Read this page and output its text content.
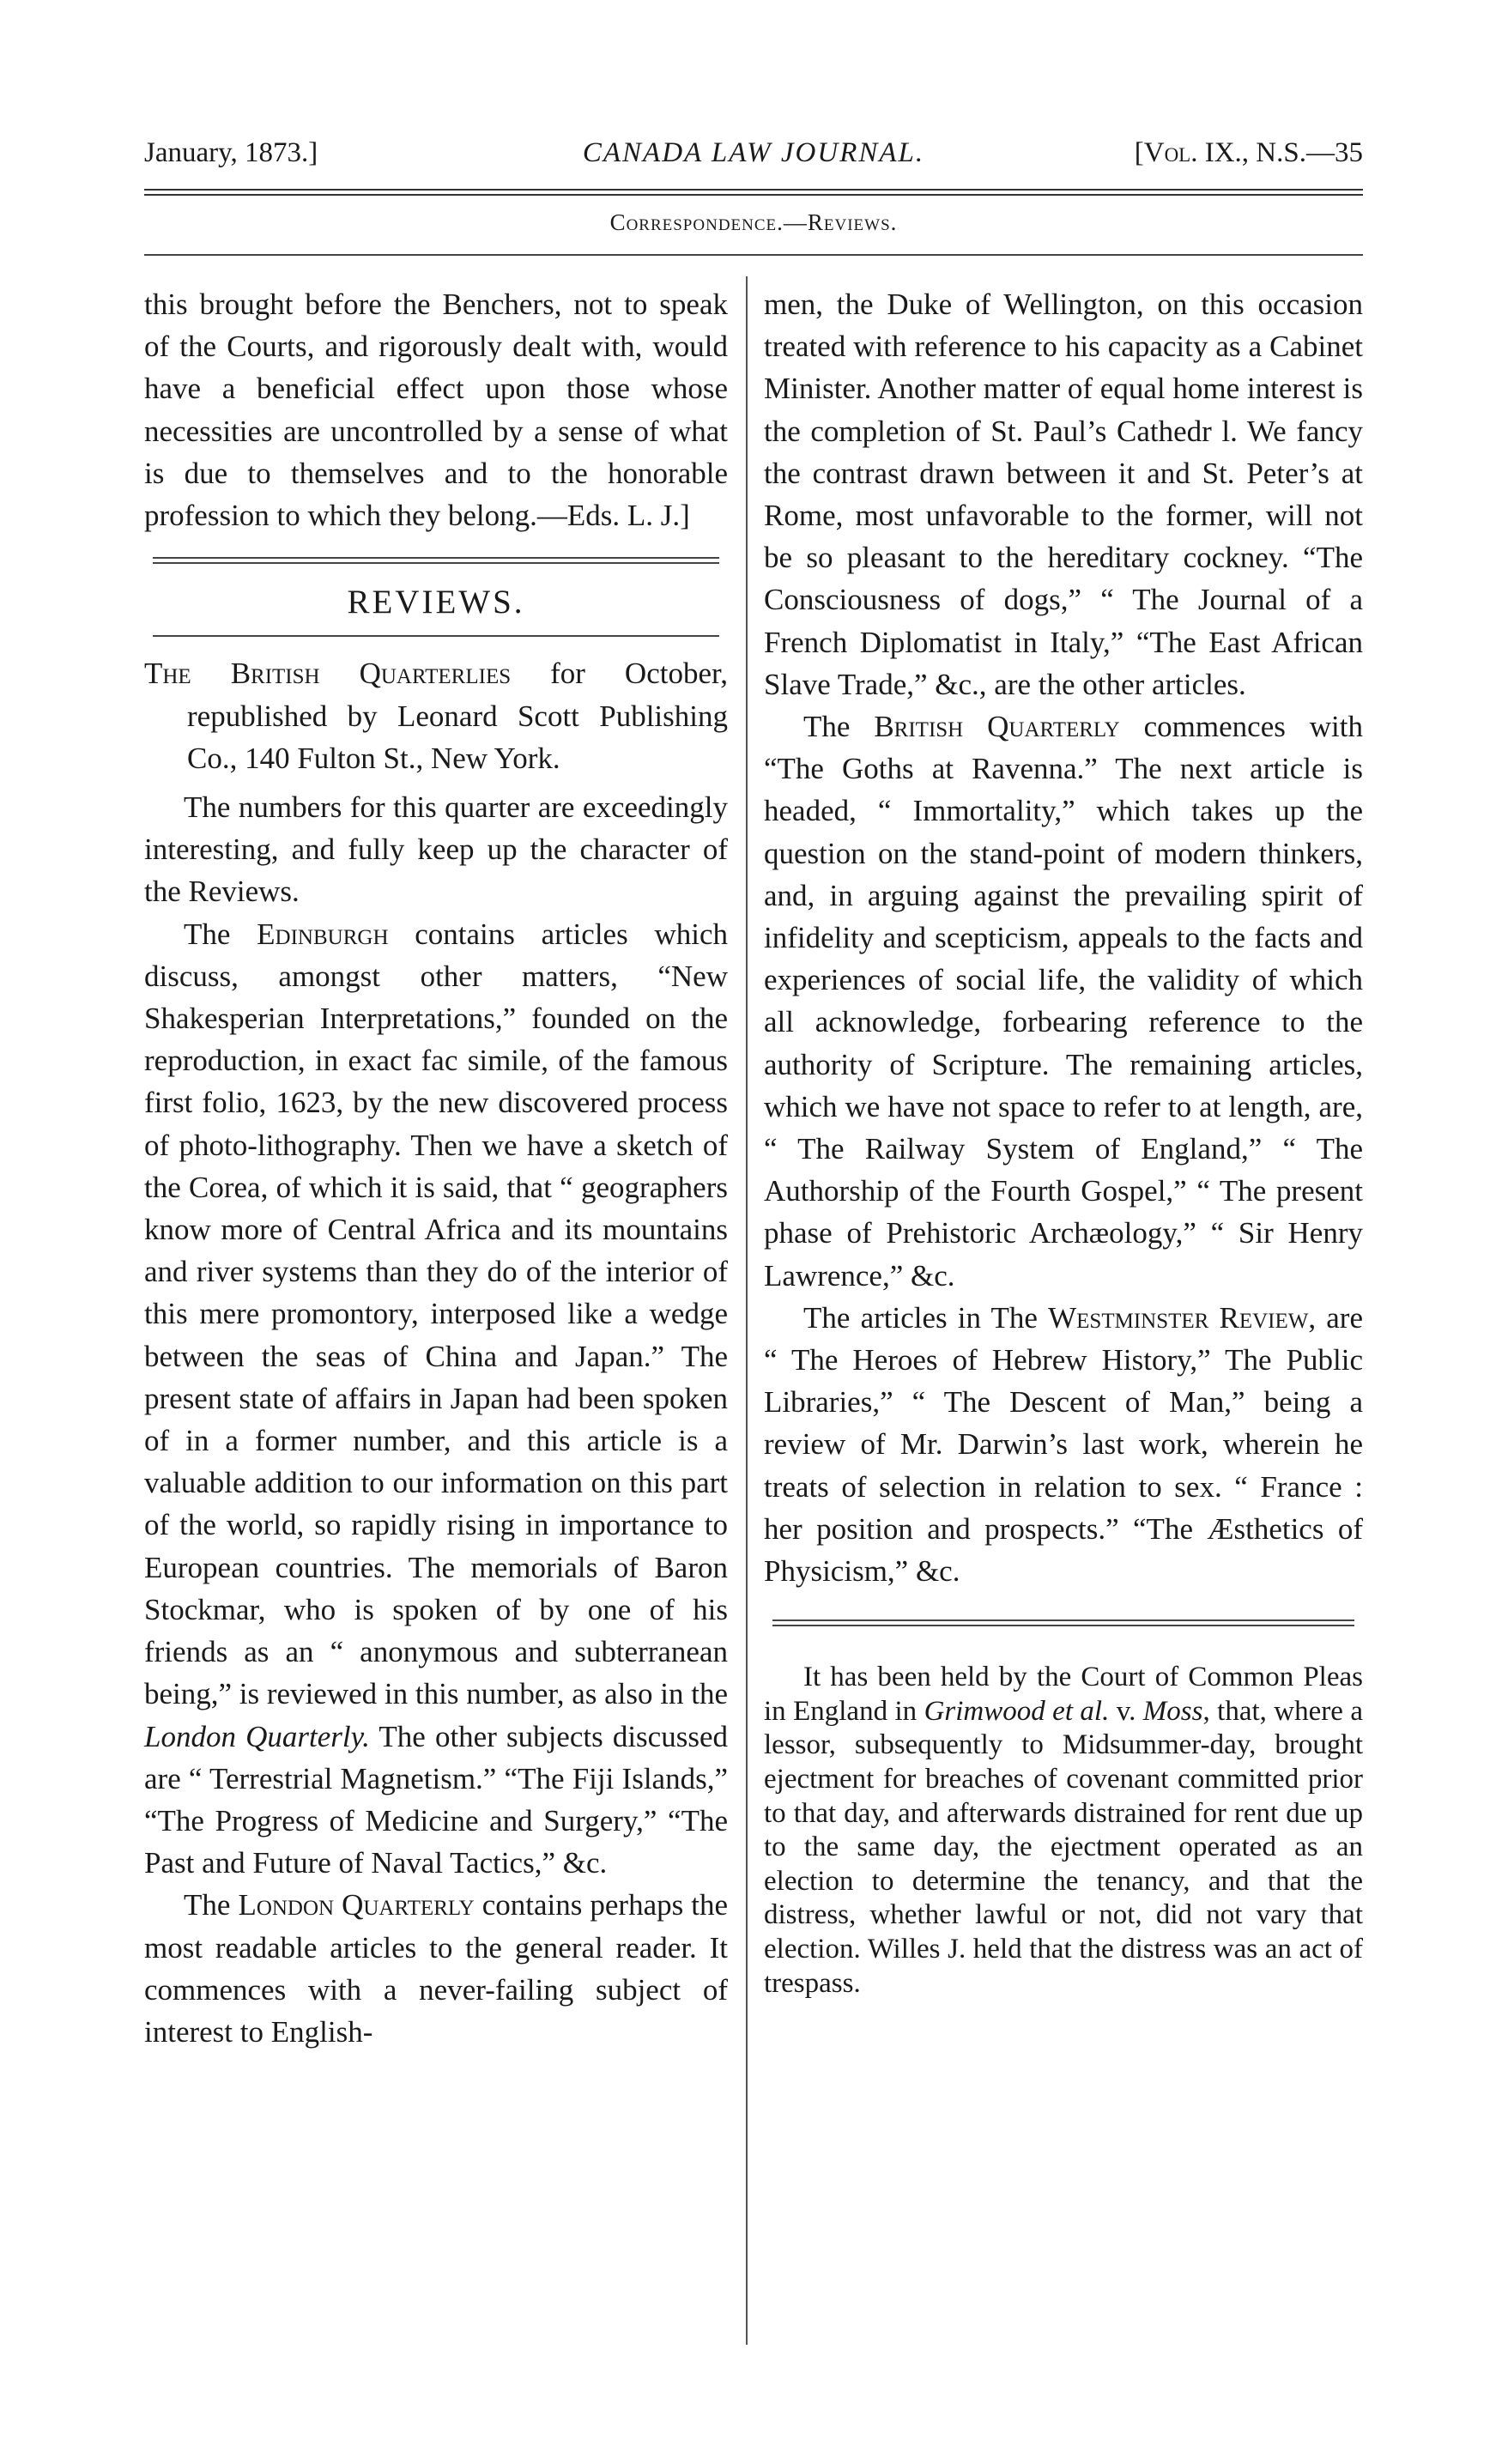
January, 1873.]	CANADA LAW JOURNAL.	[Vol. IX., N.S.—35
Correspondence.—Reviews.

this brought before the Benchers, not to speak of the Courts, and rigorously dealt with, would have a beneficial effect upon those whose necessities are uncontrolled by a sense of what is due to themselves and to the honorable profession to which they belong.—Eds. L. J.]

REVIEWS.

The British Quarterlies for October, republished by Leonard Scott Publishing Co., 140 Fulton St., New York.

The numbers for this quarter are exceedingly interesting, and fully keep up the character of the Reviews.

The Edinburgh contains articles which discuss, amongst other matters, “New Shakesperian Interpretations,” founded on the reproduction, in exact fac simile, of the famous first folio, 1623, by the new discovered process of photo-lithography. Then we have a sketch of the Corea, of which it is said, that “ geographers know more of Central Africa and its mountains and river systems than they do of the interior of this mere promontory, interposed like a wedge between the seas of China and Japan.” The present state of affairs in Japan had been spoken of in a former number, and this article is a valuable addition to our information on this part of the world, so rapidly rising in importance to European countries. The memorials of Baron Stockmar, who is spoken of by one of his friends as an “ anonymous and subterranean being,” is reviewed in this number, as also in the London Quarterly. The other subjects discussed are “ Terrestrial Magnetism.” “The Fiji Islands,” “The Progress of Medicine and Surgery,” “The Past and Future of Naval Tactics,” &c.

The London Quarterly contains perhaps the most readable articles to the general reader. It commences with a never-failing subject of interest to English-

men, the Duke of Wellington, on this occasion treated with reference to his capacity as a Cabinet Minister. Another matter of equal home interest is the completion of St. Paul’s Cathedr l. We fancy the contrast drawn between it and St. Peter’s at Rome, most unfavorable to the former, will not be so pleasant to the hereditary cockney. “The Consciousness of dogs,” “ The Journal of a French Diplomatist in Italy,” “The East African Slave Trade,” &c., are the other articles.

The British Quarterly commences with “The Goths at Ravenna.” The next article is headed, “ Immortality,” which takes up the question on the stand-point of modern thinkers, and, in arguing against the prevailing spirit of infidelity and scepticism, appeals to the facts and experiences of social life, the validity of which all acknowledge, forbearing reference to the authority of Scripture. The remaining articles, which we have not space to refer to at length, are, “ The Railway System of England,” “ The Authorship of the Fourth Gospel,” “ The present phase of Prehistoric Archæology,” “ Sir Henry Lawrence,” &c.

The articles in The Westminster Review, are “ The Heroes of Hebrew History,” The Public Libraries,” “ The Descent of Man,” being a review of Mr. Darwin’s last work, wherein he treats of selection in relation to sex. “ France : her position and prospects.” “The Æsthetics of Physicism,” &c.

It has been held by the Court of Common Pleas in England in Grimwood et al. v. Moss, that, where a lessor, subsequently to Midsummer-day, brought ejectment for breaches of covenant committed prior to that day, and afterwards distrained for rent due up to the same day, the ejectment operated as an election to determine the tenancy, and that the distress, whether lawful or not, did not vary that election. Willes J. held that the distress was an act of trespass.
